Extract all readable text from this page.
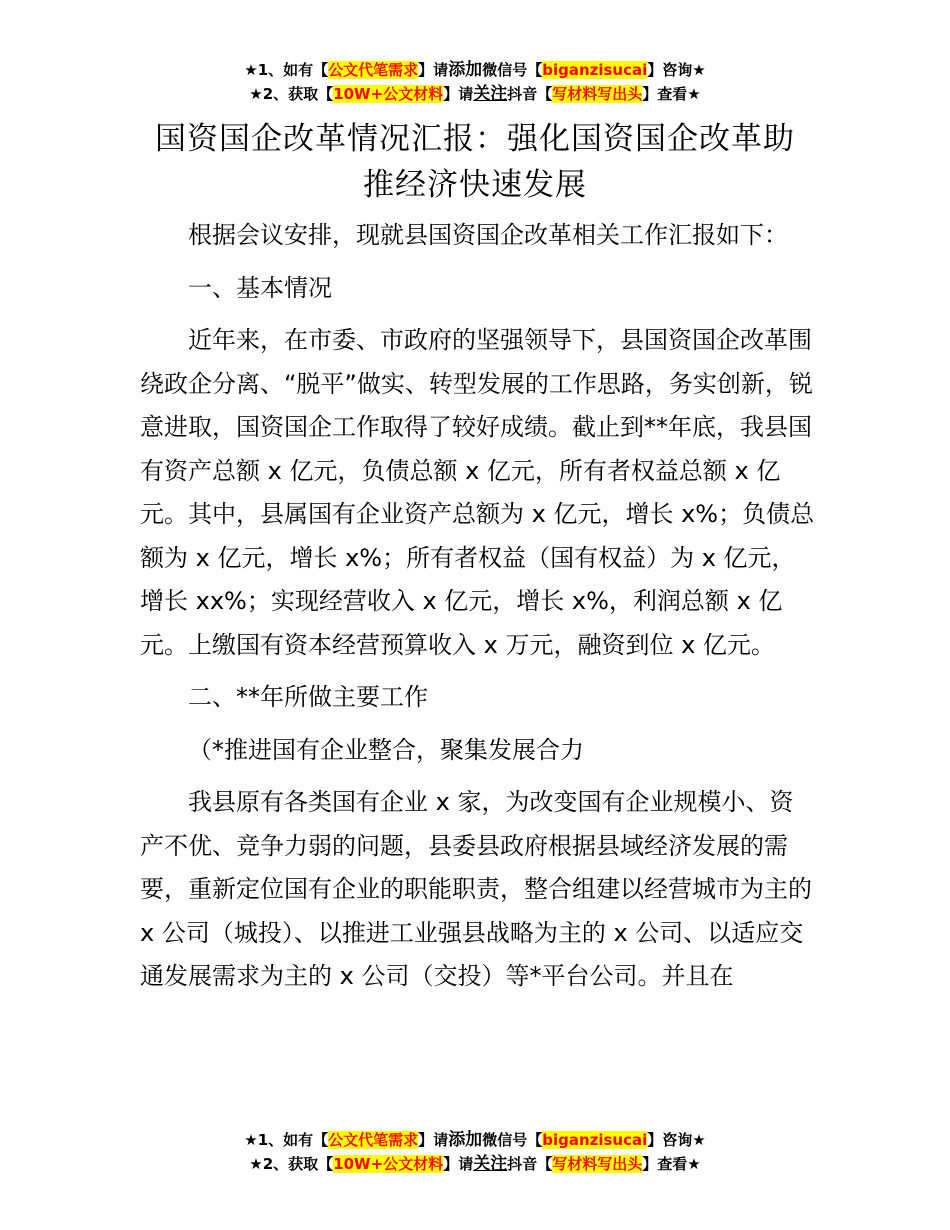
★1、如有【公文代笔需求】请添加微信号【biganzisucai】咨询★
★2、获取【10W+公文材料】请关注抖音【写材料写出头】查看★
国资国企改革情况汇报：强化国资国企改革助
推经济快速发展

根据会议安排，现就县国资国企改革相关工作汇报如下：

一、基本情况

近年来，在市委、市政府的坚强领导下，县国资国企改革围绕政企分离、“脱平”做实、转型发展的工作思路，务实创新，锐意进取，国资国企工作取得了较好成绩。截止到**年底，我县国有资产总额 x 亿元，负债总额 x 亿元，所有者权益总额 x 亿元。其中，县属国有企业资产总额为 x 亿元，增长 x%；负债总额为 x 亿元，增长 x%；所有者权益（国有权益）为 x 亿元，增长 xx%；实现经营收入 x 亿元，增长 x%，利润总额 x 亿元。上缴国有资本经营预算收入 x 万元，融资到位 x 亿元。

二、**年所做主要工作

（*推进国有企业整合，聚集发展合力

我县原有各类国有企业 x 家，为改变国有企业规模小、资产不优、竞争力弱的问题，县委县政府根据县域经济发展的需要，重新定位国有企业的职能职责，整合组建以经营城市为主的 x 公司（城投）、以推进工业强县战略为主的 x 公司、以适应交通发展需求为主的 x 公司（交投）等*平台公司。并且在

★1、如有【公文代笔需求】请添加微信号【biganzisucai】咨询★
★2、获取【10W+公文材料】请关注抖音【写材料写出头】查看★
